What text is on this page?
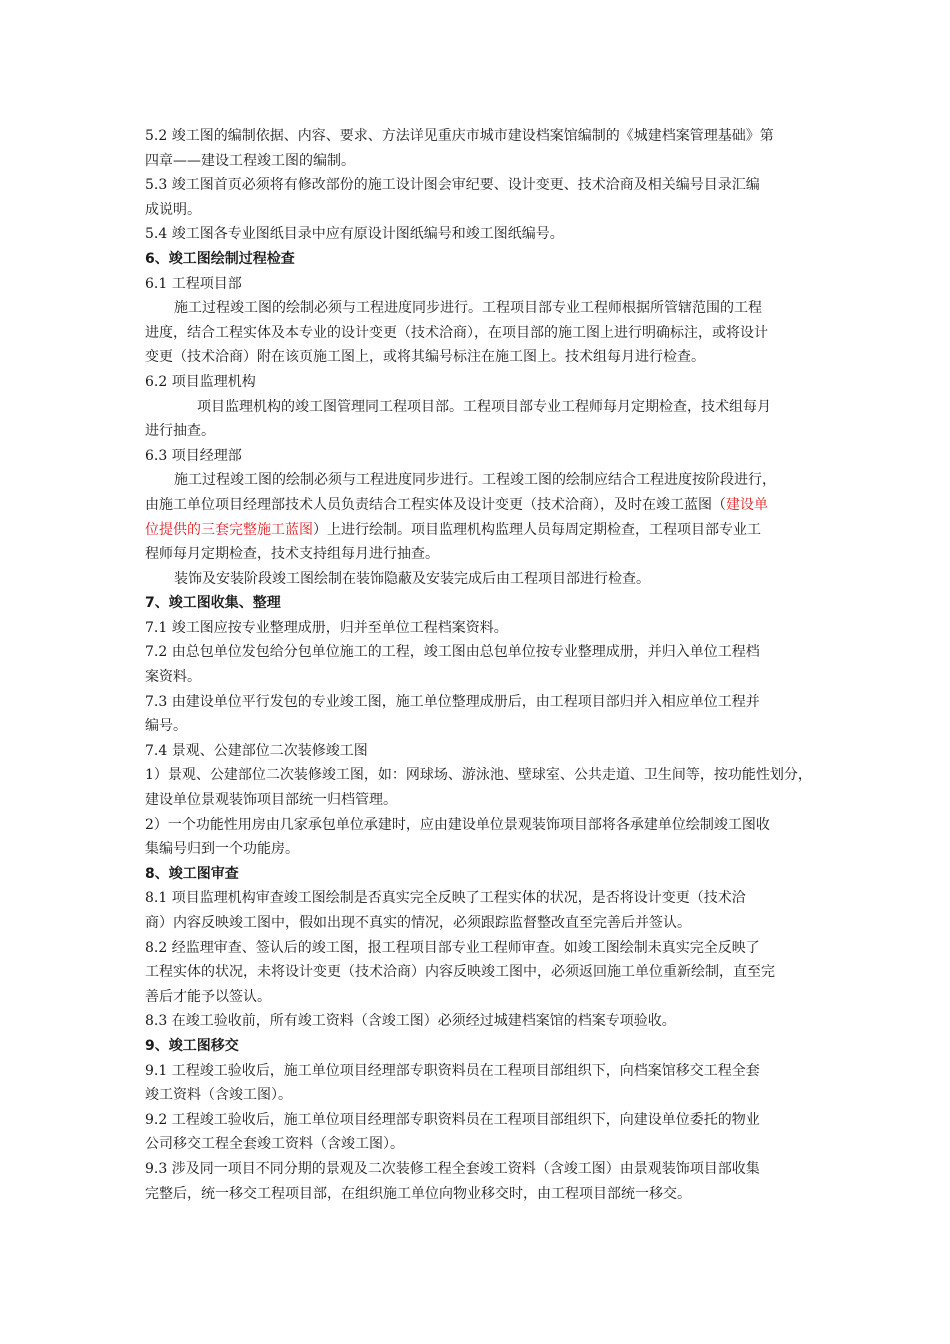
5.2 竣工图的编制依据、内容、要求、方法详见重庆市城市建设档案馆编制的《城建档案管理基础》第
四章——建设工程竣工图的编制。
5.3 竣工图首页必须将有修改部份的施工设计图会审纪要、设计变更、技术洽商及相关编号目录汇编
成说明。
5.4 竣工图各专业图纸目录中应有原设计图纸编号和竣工图纸编号。
6、竣工图绘制过程检查
6.1 工程项目部
施工过程竣工图的绘制必须与工程进度同步进行。工程项目部专业工程师根据所管辖范围的工程
进度，结合工程实体及本专业的设计变更（技术洽商），在项目部的施工图上进行明确标注，或将设计
变更（技术洽商）附在该页施工图上，或将其编号标注在施工图上。技术组每月进行检查。
6.2 项目监理机构
项目监理机构的竣工图管理同工程项目部。工程项目部专业工程师每月定期检查，技术组每月
进行抽查。
6.3 项目经理部
施工过程竣工图的绘制必须与工程进度同步进行。工程竣工图的绘制应结合工程进度按阶段进行，
由施工单位项目经理部技术人员负责结合工程实体及设计变更（技术洽商），及时在竣工蓝图（建设单
位提供的三套完整施工蓝图）上进行绘制。项目监理机构监理人员每周定期检查，工程项目部专业工
程师每月定期检查，技术支持组每月进行抽查。
装饰及安装阶段竣工图绘制在装饰隐蔽及安装完成后由工程项目部进行检查。
7、竣工图收集、整理
7.1 竣工图应按专业整理成册，归并至单位工程档案资料。
7.2 由总包单位发包给分包单位施工的工程，竣工图由总包单位按专业整理成册，并归入单位工程档
案资料。
7.3 由建设单位平行发包的专业竣工图，施工单位整理成册后，由工程项目部归并入相应单位工程并
编号。
7.4 景观、公建部位二次装修竣工图
1）景观、公建部位二次装修竣工图，如：网球场、游泳池、壁球室、公共走道、卫生间等，按功能性划分，
建设单位景观装饰项目部统一归档管理。
2）一个功能性用房由几家承包单位承建时，应由建设单位景观装饰项目部将各承建单位绘制竣工图收
集编号归到一个功能房。
8、竣工图审查
8.1 项目监理机构审查竣工图绘制是否真实完全反映了工程实体的状况，是否将设计变更（技术洽
商）内容反映竣工图中，假如出现不真实的情况，必须跟踪监督整改直至完善后并签认。
8.2 经监理审查、签认后的竣工图，报工程项目部专业工程师审查。如竣工图绘制未真实完全反映了
工程实体的状况，未将设计变更（技术洽商）内容反映竣工图中，必须返回施工单位重新绘制，直至完
善后才能予以签认。
8.3 在竣工验收前，所有竣工资料（含竣工图）必须经过城建档案馆的档案专项验收。
9、竣工图移交
9.1 工程竣工验收后，施工单位项目经理部专职资料员在工程项目部组织下，向档案馆移交工程全套
竣工资料（含竣工图）。
9.2 工程竣工验收后，施工单位项目经理部专职资料员在工程项目部组织下，向建设单位委托的物业
公司移交工程全套竣工资料（含竣工图）。
9.3 涉及同一项目不同分期的景观及二次装修工程全套竣工资料（含竣工图）由景观装饰项目部收集
完整后，统一移交工程项目部，在组织施工单位向物业移交时，由工程项目部统一移交。
